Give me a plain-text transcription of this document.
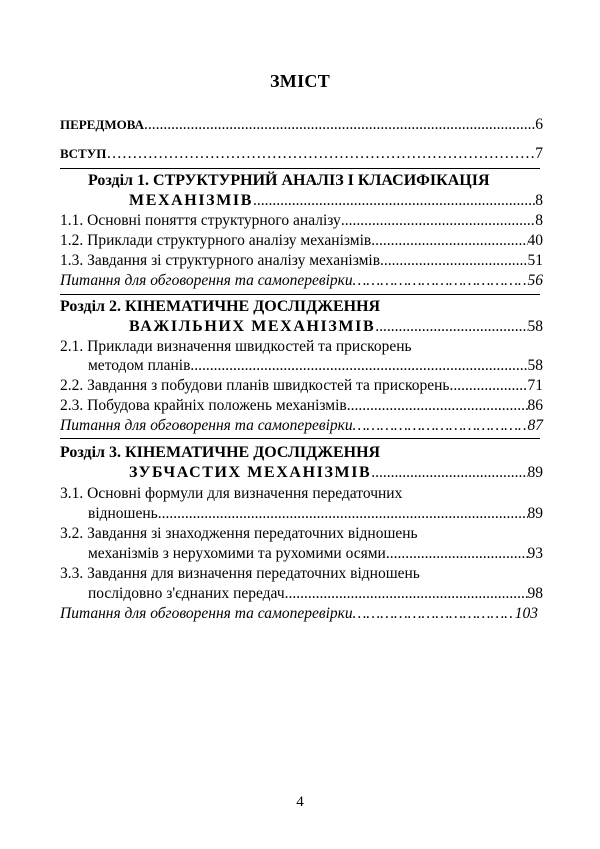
ЗМІСТ
ПЕРЕДМОВА .....	6
ВСТУП ……………………………………………………………………………………………………………………	7
Розділ 1. СТРУКТУРНИЙ АНАЛІЗ І КЛАСИФІКАЦІЯ
МЕХАНІЗМІВ .....	8
1.1. Основні поняття структурного аналізу .....	8
1.2. Приклади структурного аналізу механізмів .....	40
1.3. Завдання зі структурного аналізу механізмів .....	51
Питання для обговорення та самоперевірки ……………………………………………………………………………………………………………………	56
Розділ 2. КІНЕМАТИЧНЕ ДОСЛІДЖЕННЯ
ВАЖІЛЬНИХ МЕХАНІЗМІВ .....	58
2.1. Приклади визначення швидкостей та прискорень
методом планів .....	58
2.2. Завдання з побудови планів швидкостей та прискорень .....	71
2.3. Побудова крайніх положень механізмів .....	86
Питання для обговорення та самоперевірки ……………………………………………………………………………………………………………………	87
Розділ 3. КІНЕМАТИЧНЕ ДОСЛІДЖЕННЯ
ЗУБЧАСТИХ МЕХАНІЗМІВ .....	89
3.1. Основні формули для визначення передаточних
відношень .....	89
3.2. Завдання зі знаходження передаточних відношень
механізмів з нерухомими та рухомими осями .....	93
3.3. Завдання для визначення передаточних відношень
послідовно з'єднаних передач .....	98
Питання для обговорення та самоперевірки ……………………………………………………………………………………………………………………	103
4
